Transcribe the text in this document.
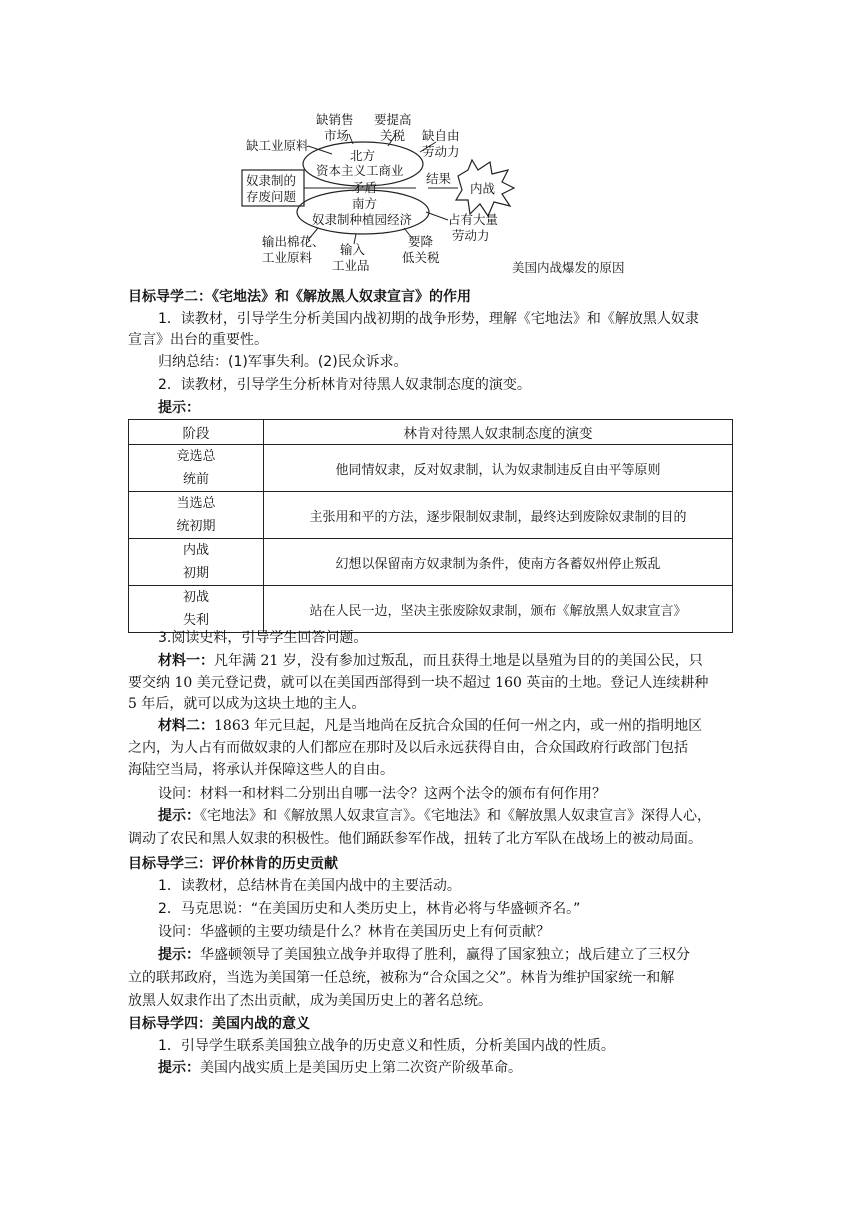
缺销售
市场
要提高
关税 缺自由
劳动力
缺工业原料
北方
资本主义工商业
矛盾
南方
奴隶制种植园经济
奴隶制的
存废问题
结果
内战
输出棉花、
工业原料
输入
工业品
要降
低关税
占有大量
劳动力
美国内战爆发的原因
目标导学二：《宅地法》和《解放黑人奴隶宣言》的作用
1．读教材，引导学生分析美国内战初期的战争形势，理解《宅地法》和《解放黑人奴隶
宣言》出台的重要性。
归纳总结：(1)军事失利。(2)民众诉求。
2．读教材，引导学生分析林肯对待黑人奴隶制态度的演变。
提示：
阶段	林肯对待黑人奴隶制态度的演变
竞选总
统前	他同情奴隶，反对奴隶制，认为奴隶制违反自由平等原则
当选总
统初期	主张用和平的方法，逐步限制奴隶制，最终达到废除奴隶制的目的
内战
初期	幻想以保留南方奴隶制为条件，使南方各蓄奴州停止叛乱
初战
失利	站在人民一边，坚决主张废除奴隶制，颁布《解放黑人奴隶宣言》
3.阅读史料，引导学生回答问题。
材料一：凡年满 21 岁，没有参加过叛乱，而且获得土地是以垦殖为目的的美国公民，只
要交纳 10 美元登记费，就可以在美国西部得到一块不超过 160 英亩的土地。登记人连续耕种
5 年后，就可以成为这块土地的主人。
材料二：1863 年元旦起，凡是当地尚在反抗合众国的任何一州之内，或一州的指明地区
之内，为人占有而做奴隶的人们都应在那时及以后永远获得自由，合众国政府行政部门包括
海陆空当局，将承认并保障这些人的自由。
设问：材料一和材料二分别出自哪一法令？这两个法令的颁布有何作用？
提示：《宅地法》和《解放黑人奴隶宣言》。《宅地法》和《解放黑人奴隶宣言》深得人心，
调动了农民和黑人奴隶的积极性。他们踊跃参军作战，扭转了北方军队在战场上的被动局面。
目标导学三：评价林肯的历史贡献
1．读教材，总结林肯在美国内战中的主要活动。
2．马克思说：“在美国历史和人类历史上，林肯必将与华盛顿齐名。”
设问：华盛顿的主要功绩是什么？林肯在美国历史上有何贡献？
提示：华盛顿领导了美国独立战争并取得了胜利，赢得了国家独立；战后建立了三权分
立的联邦政府，当选为美国第一任总统，被称为“合众国之父”。林肯为维护国家统一和解
放黑人奴隶作出了杰出贡献，成为美国历史上的著名总统。
目标导学四：美国内战的意义
1．引导学生联系美国独立战争的历史意义和性质，分析美国内战的性质。
提示：美国内战实质上是美国历史上第二次资产阶级革命。
